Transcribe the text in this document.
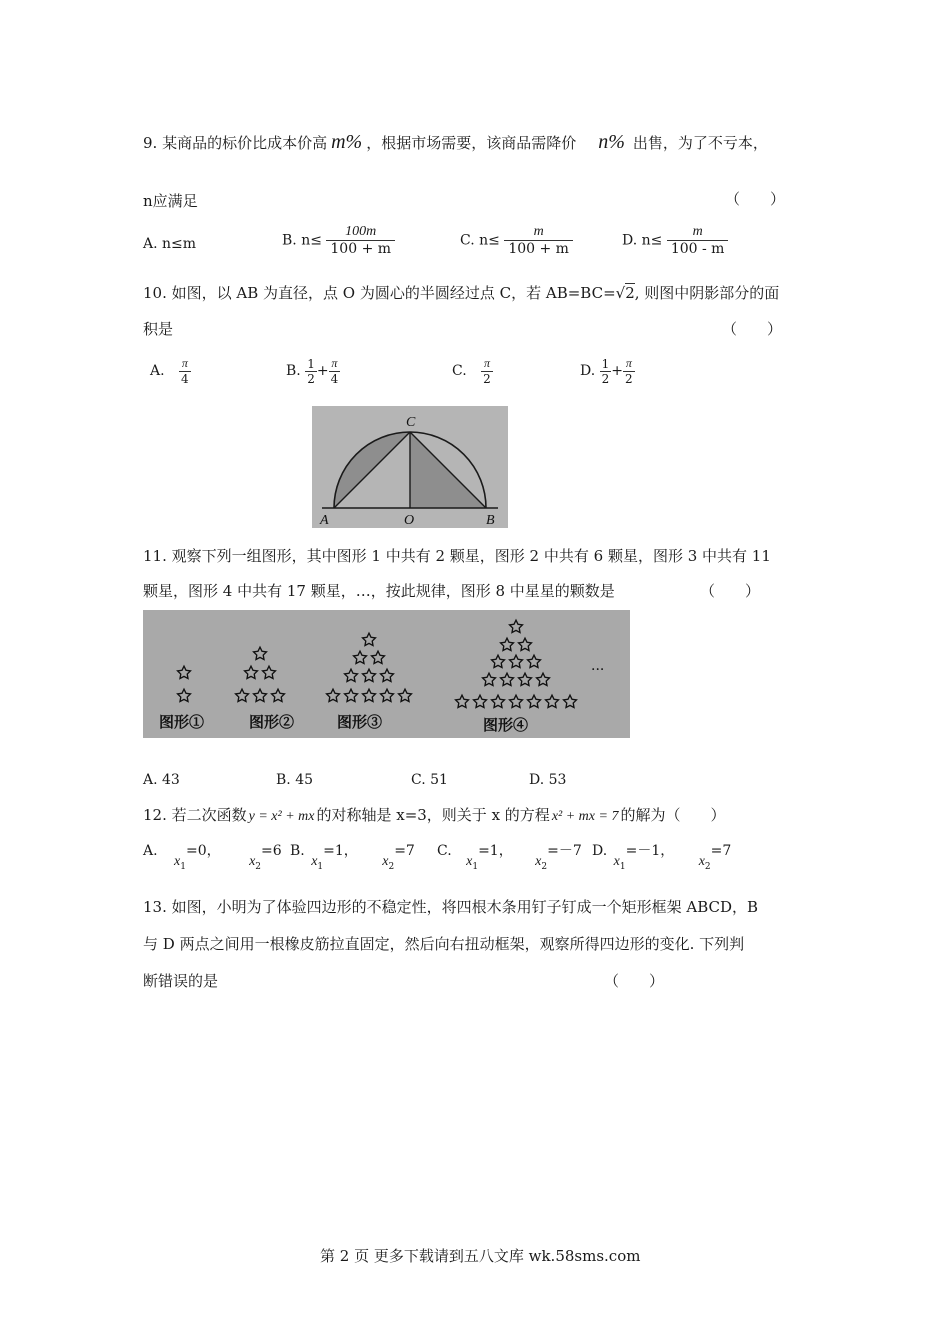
9. 某商品的标价比成本价高 m% ，根据市场需要，该商品需降价 n% 出售，为了不亏本，
n应满足	（　　）
A. n≤m	B. $n\le \frac{100m}{100 + m}$	C. $n\le \frac{m}{100 + m}$	D. $n\le \frac{m}{100 - m}$
10. 如图，以 AB 为直径，点 O 为圆心的半圆经过点 C，若 AB=BC=√2, 则图中阴影部分的面
积是	（　　）
A. $\frac{\pi}{4}$	B. $\frac{1}{2} + \frac{\pi}{4}$	C. $\frac{\pi}{2}$	D. $\frac{1}{2} + \frac{\pi}{2}$
C
A	O	B
11. 观察下列一组图形，其中图形 1 中共有 2 颗星，图形 2 中共有 6 颗星，图形 3 中共有 11
颗星，图形 4 中共有 17 颗星，…，按此规律，图形 8 中星星的颗数是	（　　）
图形①	图形②	图形③	图形④
···
A. 43	B. 45	C. 51	D. 53
12. 若二次函数 y = x² + mx 的对称轴是 x=3，则关于 x 的方程 x² + mx = 7 的解为（　　）
A. $x_1=0$， $x_2=6$ B. $x_1=1$， $x_2=7$ C. $x_1=1$， $x_2=-7$ D. $x_1=-1$， $x_2=7$
13. 如图，小明为了体验四边形的不稳定性，将四根木条用钉子钉成一个矩形框架 ABCD，B
与 D 两点之间用一根橡皮筋拉直固定，然后向右扭动框架，观察所得四边形的变化. 下列判
断错误的是	（　　）
第 2 页 更多下载请到五八文库 wk.58sms.com
